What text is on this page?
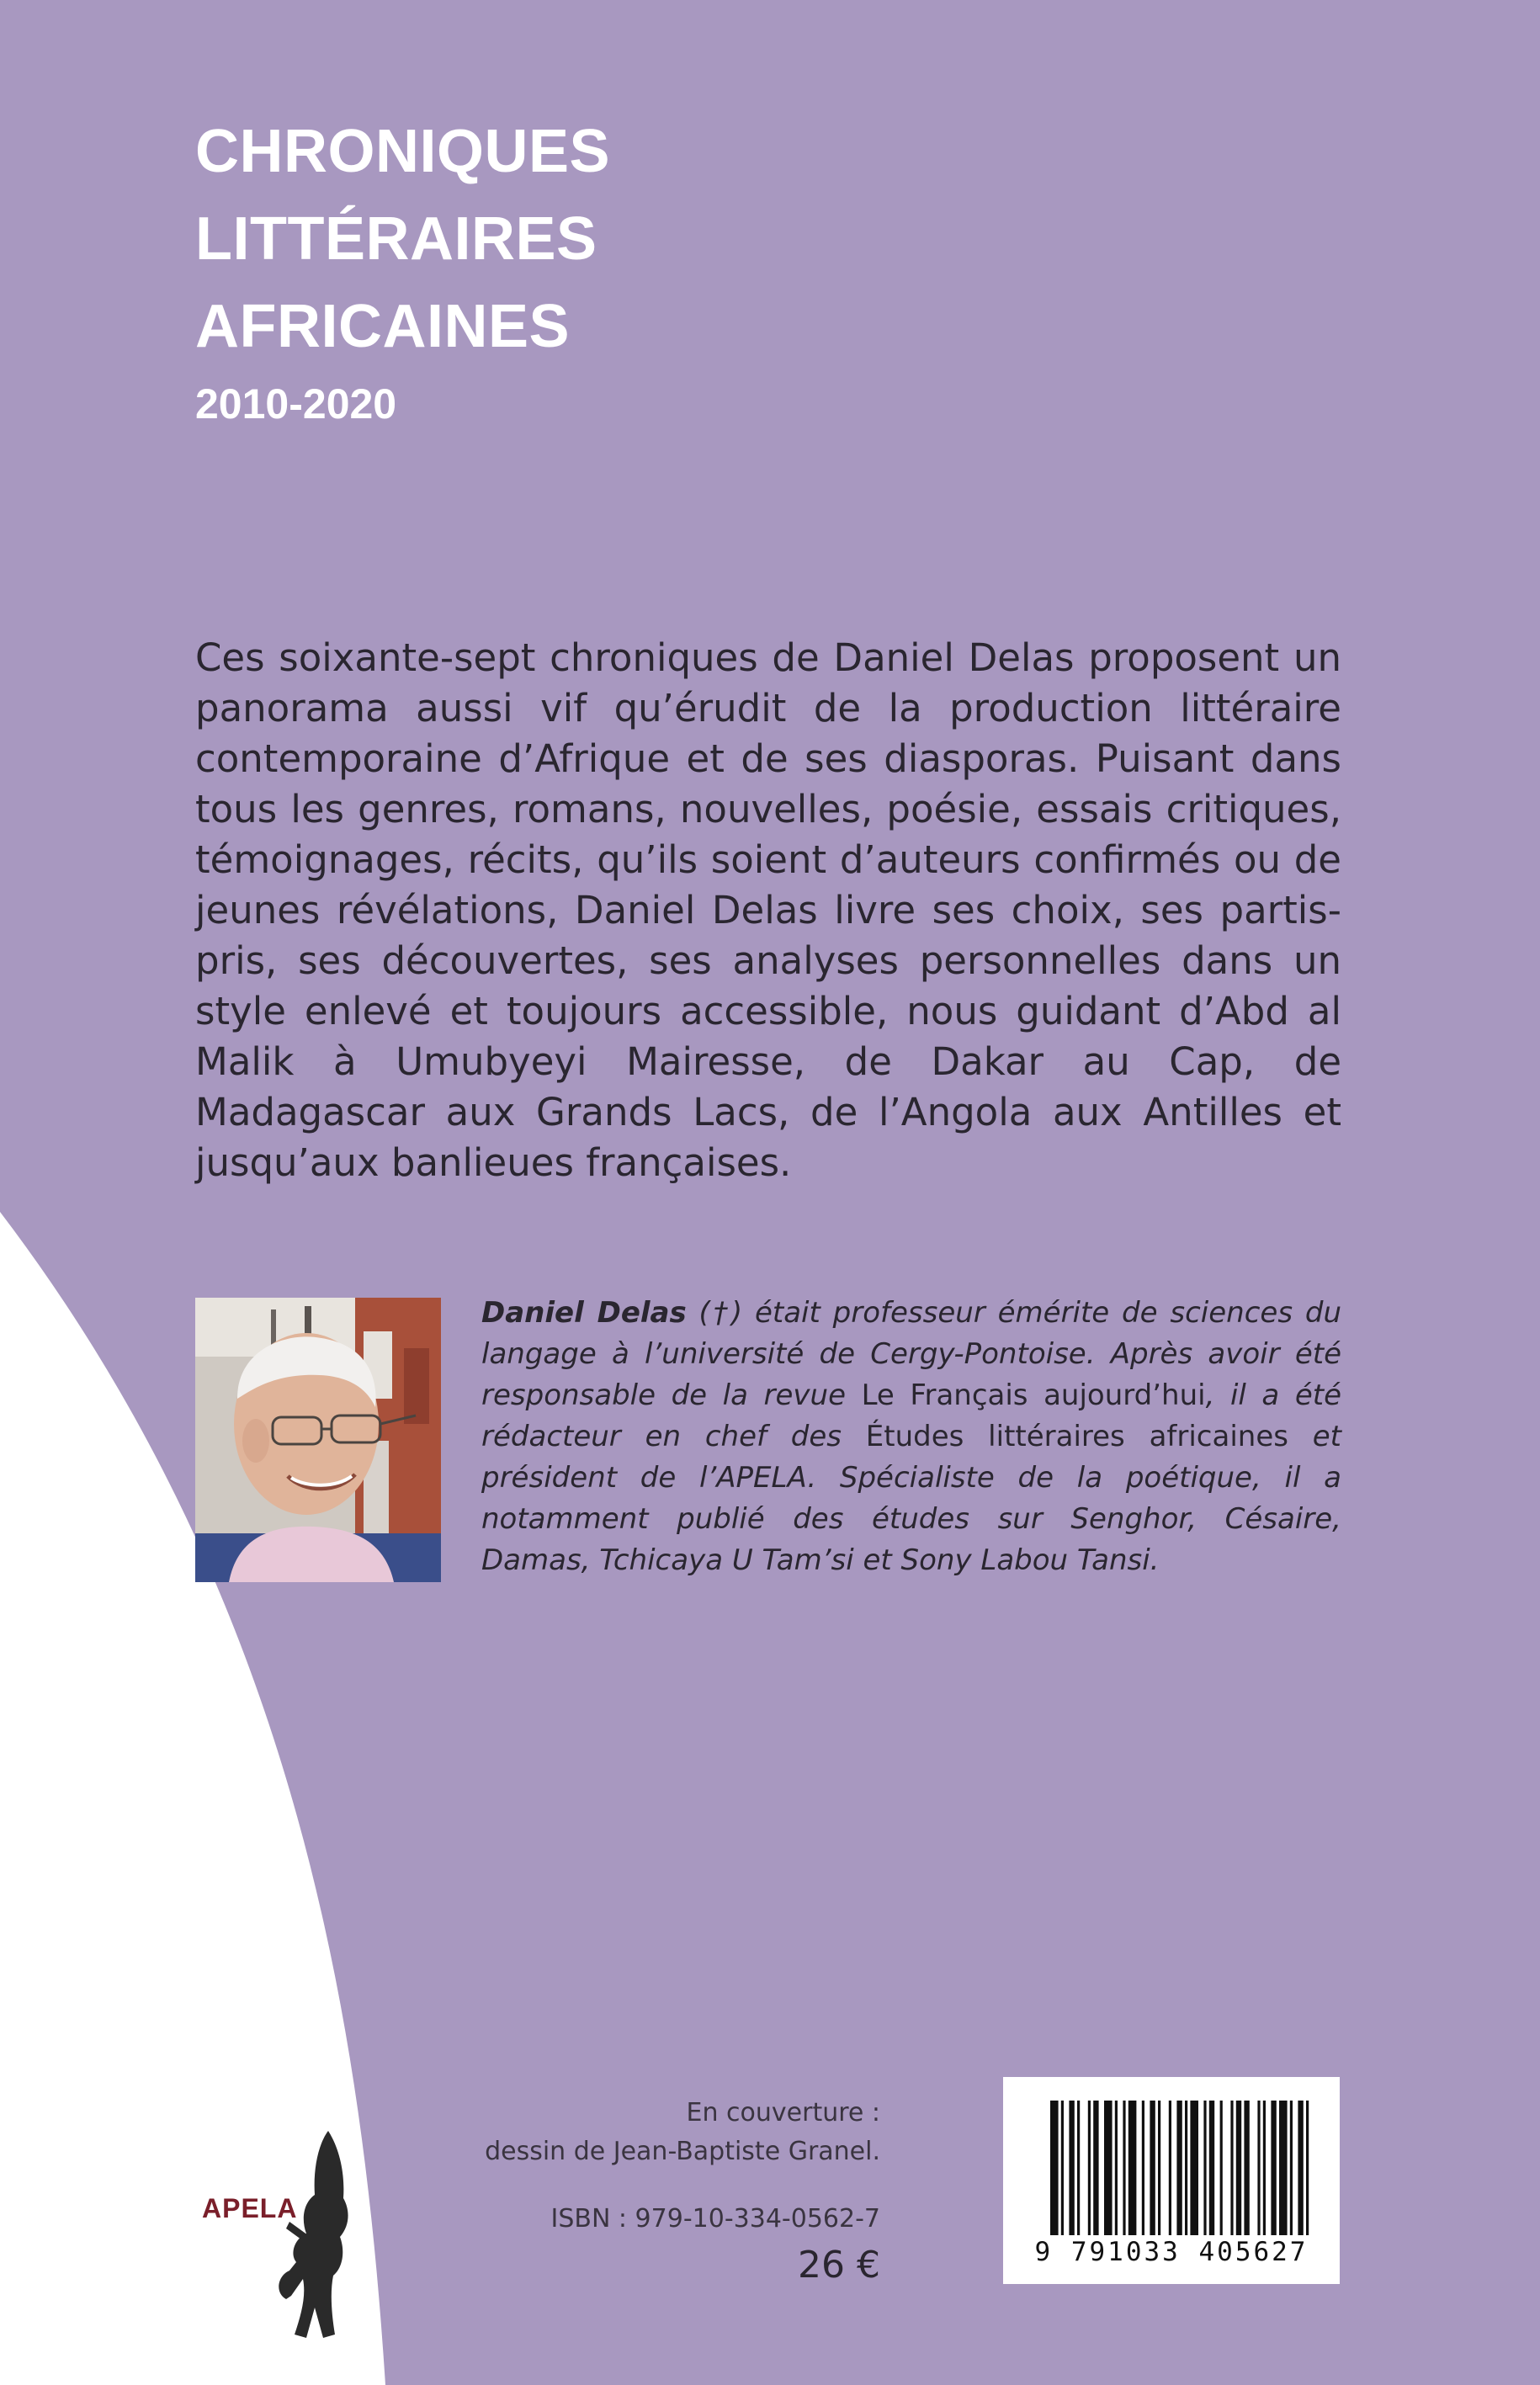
CHRONIQUES
LITTÉRAIRES
AFRICAINES
2010-2020
Ces soixante-sept chroniques de Daniel Delas proposent un panorama aussi vif qu’érudit de la production littéraire contemporaine d’Afrique et de ses diasporas. Puisant dans tous les genres, romans, nouvelles, poésie, essais critiques, témoignages, récits, qu’ils soient d’auteurs confirmés ou de jeunes révélations, Daniel Delas livre ses choix, ses partis-pris, ses découvertes, ses analyses personnelles dans un style enlevé et toujours accessible, nous guidant d’Abd al Malik à Umubyeyi Mairesse, de Dakar au Cap, de Madagascar aux Grands Lacs, de l’Angola aux Antilles et jusqu’aux banlieues françaises.
Daniel Delas (†) était professeur émérite de sciences du langage à l’université de Cergy-Pontoise. Après avoir été responsable de la revue Le Français aujourd’hui, il a été rédacteur en chef des Études littéraires africaines et président de l’APELA. Spécialiste de la poétique, il a notamment publié des études sur Senghor, Césaire, Damas, Tchicaya U Tam’si et Sony Labou Tansi.
En couverture :
dessin de Jean-Baptiste Granel.
ISBN : 979-10-334-0562-7
26 €	9 791033 405627
APELA
